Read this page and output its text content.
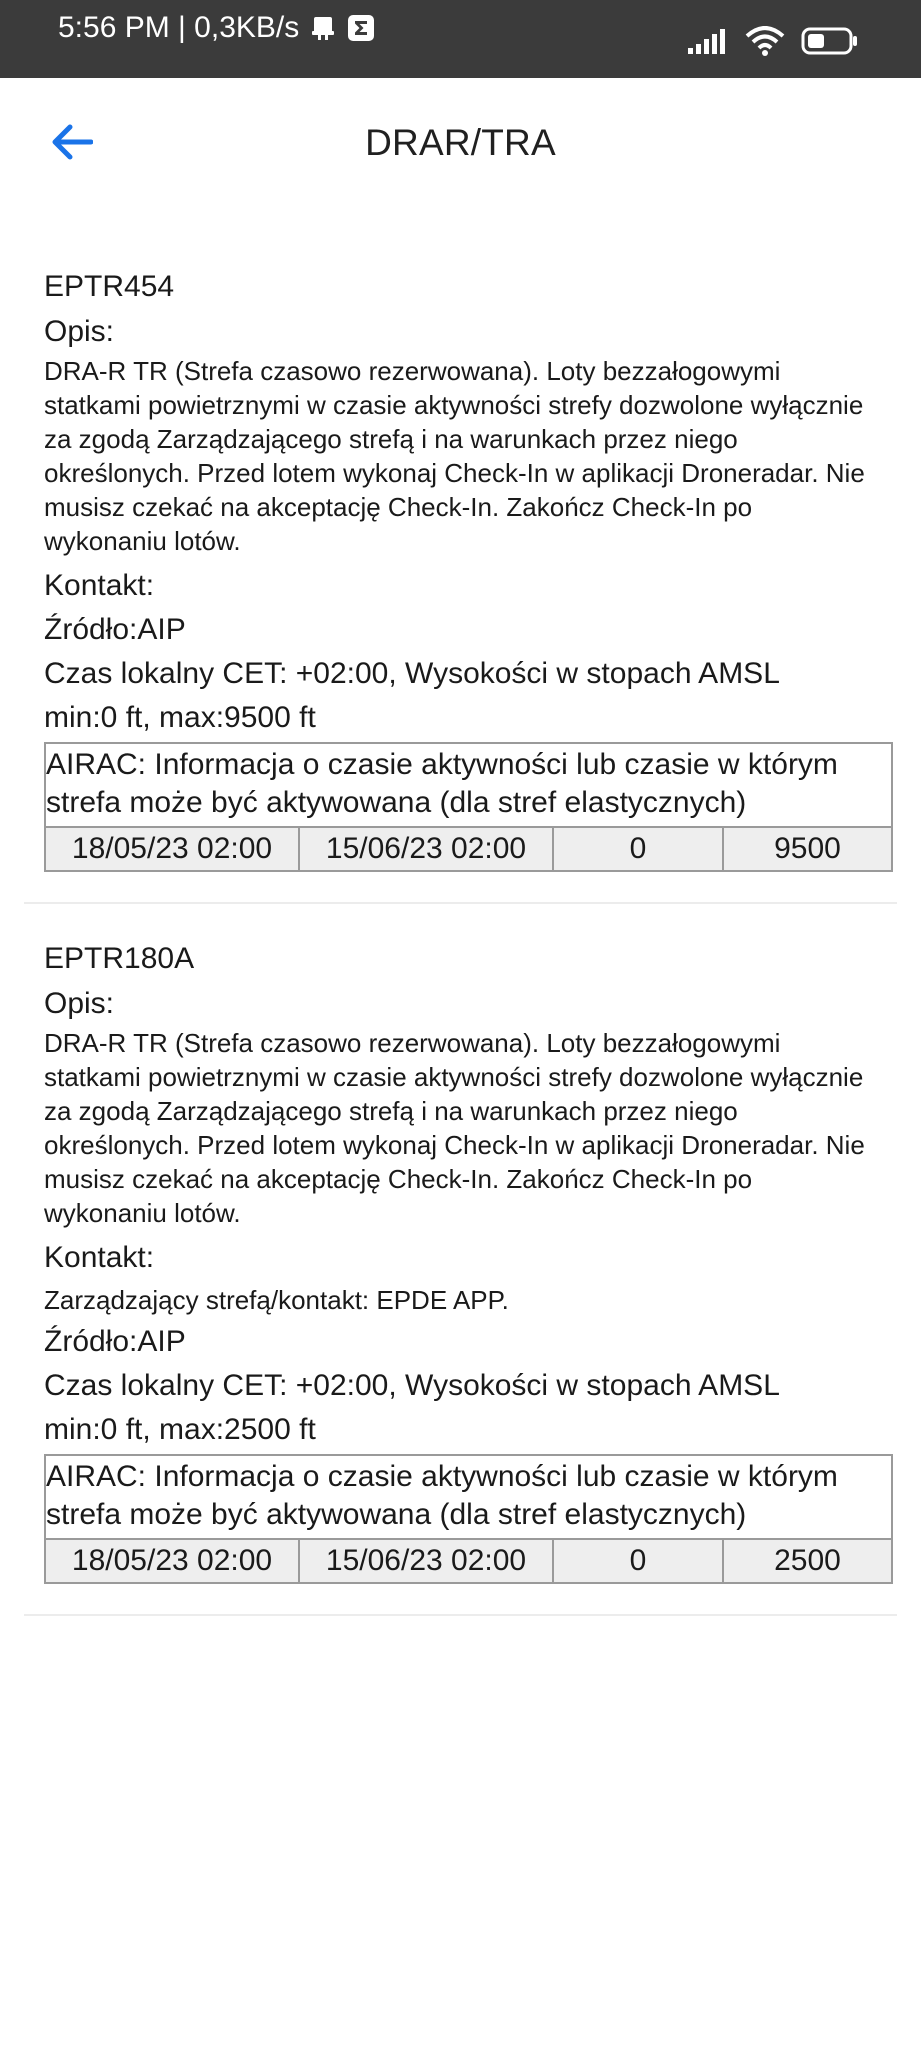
5:56 PM | 0,3KB/s
DRAR/TRA
EPTR454
Opis:
DRA-R TR (Strefa czasowo rezerwowana). Loty bezzałogowymi statkami powietrznymi w czasie aktywności strefy dozwolone wyłącznie za zgodą Zarządzającego strefą i na warunkach przez niego określonych. Przed lotem wykonaj Check-In w aplikacji Droneradar. Nie musisz czekać na akceptację Check-In. Zakończ Check-In po wykonaniu lotów.
Kontakt:
Źródło:AIP
Czas lokalny CET: +02:00, Wysokości w stopach AMSL
min:0 ft, max:9500 ft
AIRAC: Informacja o czasie aktywności lub czasie w którym strefa może być aktywowana (dla stref elastycznych)
18/05/23 02:00	15/06/23 02:00	0	9500
EPTR180A
Opis:
DRA-R TR (Strefa czasowo rezerwowana). Loty bezzałogowymi statkami powietrznymi w czasie aktywności strefy dozwolone wyłącznie za zgodą Zarządzającego strefą i na warunkach przez niego określonych. Przed lotem wykonaj Check-In w aplikacji Droneradar. Nie musisz czekać na akceptację Check-In. Zakończ Check-In po wykonaniu lotów.
Kontakt:
Zarządzający strefą/kontakt: EPDE APP.
Źródło:AIP
Czas lokalny CET: +02:00, Wysokości w stopach AMSL
min:0 ft, max:2500 ft
AIRAC: Informacja o czasie aktywności lub czasie w którym strefa może być aktywowana (dla stref elastycznych)
18/05/23 02:00	15/06/23 02:00	0	2500
